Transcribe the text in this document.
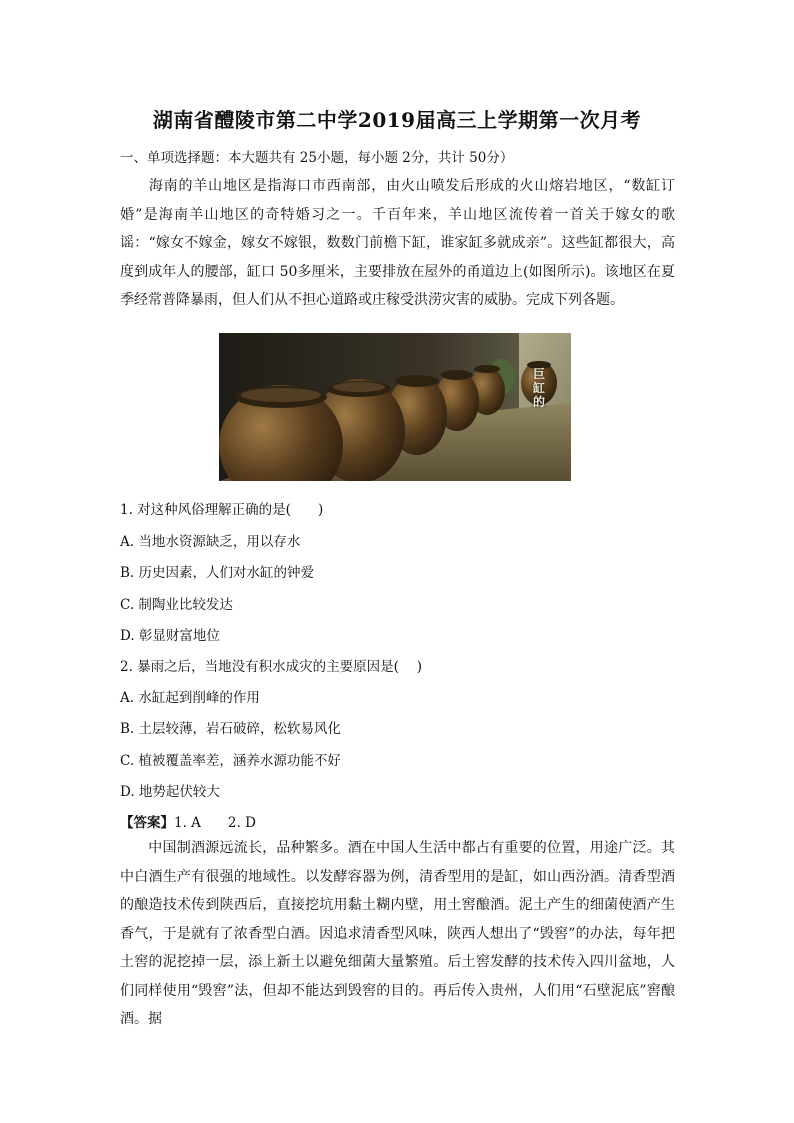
湖南省醴陵市第二中学2019届高三上学期第一次月考
一、单项选择题：本大题共有 25小题，每小题 2分，共计 50分）
海南的羊山地区是指海口市西南部，由火山喷发后形成的火山熔岩地区，“数缸订婚”是海南羊山地区的奇特婚习之一。千百年来，羊山地区流传着一首关于嫁女的歌谣：“嫁女不嫁金，嫁女不嫁银，数数门前檐下缸，谁家缸多就成亲”。这些缸都很大，高度到成年人的腰部，缸口 50多厘米，主要排放在屋外的甬道边上(如图所示)。该地区在夏季经常普降暴雨，但人们从不担心道路或庄稼受洪涝灾害的威胁。完成下列各题。
巨缸的
1. 对这种风俗理解正确的是(　　)
A. 当地水资源缺乏，用以存水
B. 历史因素，人们对水缸的钟爱
C. 制陶业比较发达
D. 彰显财富地位
2. 暴雨之后，当地没有积水成灾的主要原因是(　 )
A. 水缸起到削峰的作用
B. 土层较薄，岩石破碎，松软易风化
C. 植被覆盖率差，涵养水源功能不好
D. 地势起伏较大
【答案】1. A　　2. D
中国制酒源远流长，品种繁多。酒在中国人生活中都占有重要的位置，用途广泛。其中白酒生产有很强的地域性。以发酵容器为例，清香型用的是缸，如山西汾酒。清香型酒的酿造技术传到陕西后，直接挖坑用黏土糊内壁，用土窖酿酒。泥土产生的细菌使酒产生香气，于是就有了浓香型白酒。因追求清香型风味，陕西人想出了“毁窖”的办法，每年把土窖的泥挖掉一层，添上新土以避免细菌大量繁殖。后土窖发酵的技术传入四川盆地，人们同样使用“毁窖”法，但却不能达到毁窖的目的。再后传入贵州，人们用“石壁泥底”窖酿酒。据
